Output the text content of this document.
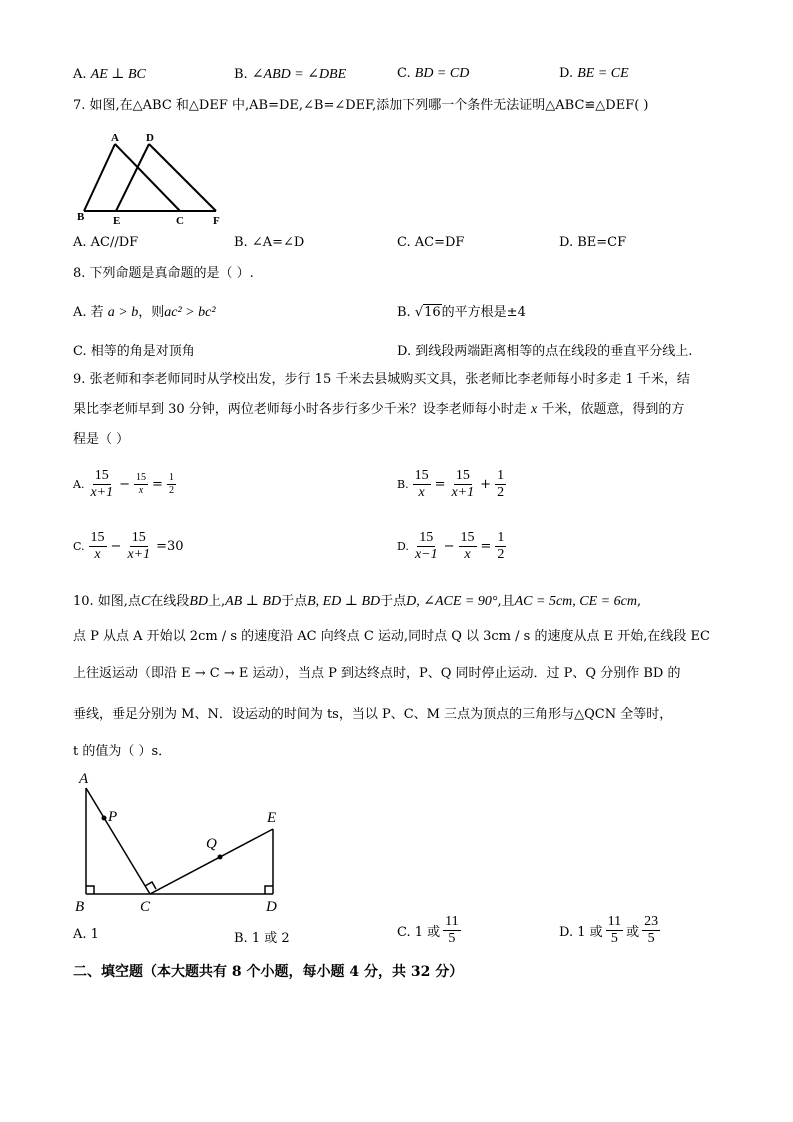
A. AE ⊥ BC	B. ∠ABD = ∠DBE	C. BD = CD	D. BE = CE
7. 如图,在△ABC 和△DEF 中,AB=DE,∠B=∠DEF,添加下列哪一个条件无法证明△ABC≌△DEF( )
A D
B	E	C	F
A. AC//DF	B. ∠A=∠D	C. AC=DF	D. BE=CF
8. 下列命题是真命题的是（ ）.
A. 若 a > b，则ac² > bc²	B. √16的平方根是±4
C. 相等的角是对顶角	D. 到线段两端距离相等的点在线段的垂直平分线上.
9. 张老师和李老师同时从学校出发，步行 15 千米去县城购买文具，张老师比李老师每小时多走 1 千米，结
果比李老师早到 30 分钟，两位老师每小时各步行多少千米？设李老师每小时走 x 千米，依题意，得到的方
程是（ ）
A. $\frac{15}{x+1} - \frac{15}{x} = \frac{1}{2}$	B. $\frac{15}{x} = \frac{15}{x+1} + \frac{1}{2}$
C. $\frac{15}{x} - \frac{15}{x+1} =30$	D. $\frac{15}{x-1} - \frac{15}{x} = \frac{1}{2}$
10. 如图,点C在线段BD上,AB ⊥ BD于点B, ED ⊥ BD于点D, ∠ACE = 90°,且AC = 5cm, CE = 6cm,
点 P 从点 A 开始以 2cm / s 的速度沿 AC 向终点 C 运动,同时点 Q 以 3cm / s 的速度从点 E 开始,在线段 EC
上往返运动（即沿 E → C → E 运动），当点 P 到达终点时，P、Q 同时停止运动．过 P、Q 分别作 BD 的
垂线，垂足分别为 M、N．设运动的时间为 ts，当以 P、C、M 三点为顶点的三角形与△QCN 全等时，
t 的值为（ ）s．
A
P
Q
E
B	C	D
A. 1	B. 1 或 2	C. 1 或 $\frac{11}{5}$	D. 1 或 $\frac{11}{5}$ 或 $\frac{23}{5}$
二、填空题（本大题共有 8 个小题，每小题 4 分，共 32 分）
